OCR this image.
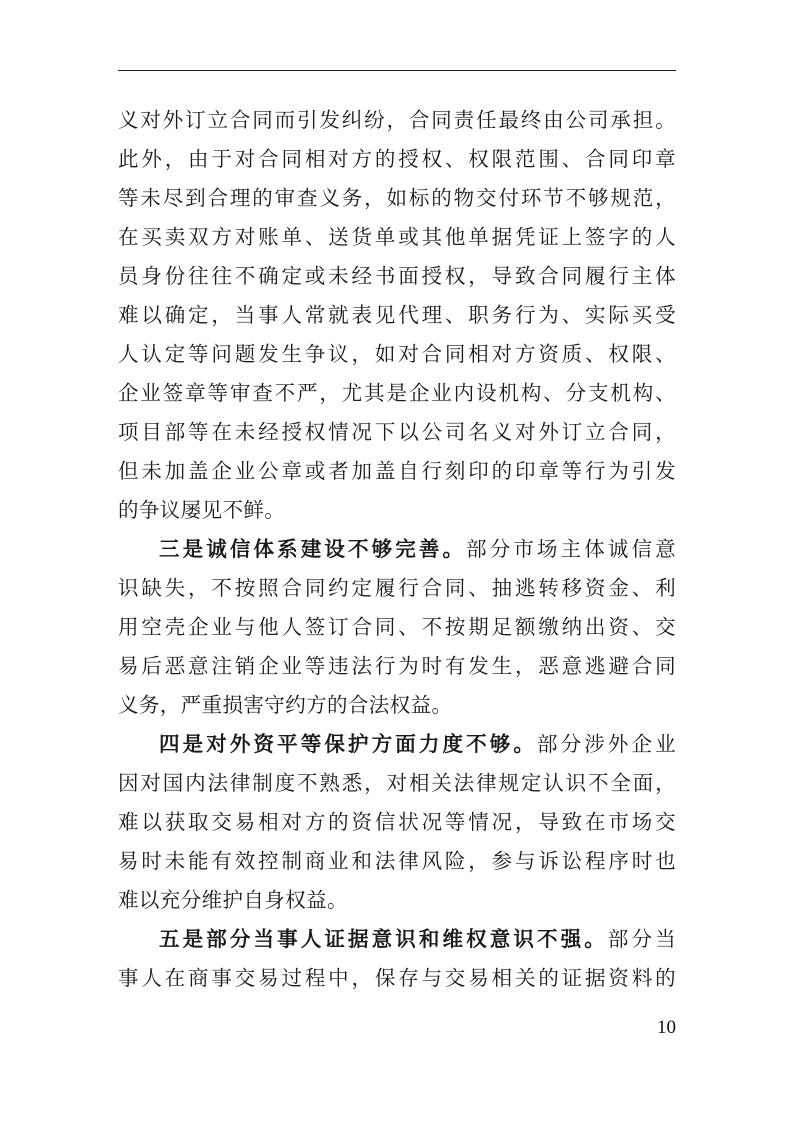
义对外订立合同而引发纠纷，合同责任最终由公司承担。

此外，由于对合同相对方的授权、权限范围、合同印章

等未尽到合理的审查义务，如标的物交付环节不够规范，

在买卖双方对账单、送货单或其他单据凭证上签字的人

员身份往往不确定或未经书面授权，导致合同履行主体

难以确定，当事人常就表见代理、职务行为、实际买受

人认定等问题发生争议，如对合同相对方资质、权限、

企业签章等审查不严，尤其是企业内设机构、分支机构、

项目部等在未经授权情况下以公司名义对外订立合同，

但未加盖企业公章或者加盖自行刻印的印章等行为引发

的争议屡见不鲜。

三是诚信体系建设不够完善。部分市场主体诚信意

识缺失，不按照合同约定履行合同、抽逃转移资金、利

用空壳企业与他人签订合同、不按期足额缴纳出资、交

易后恶意注销企业等违法行为时有发生，恶意逃避合同

义务，严重损害守约方的合法权益。

四是对外资平等保护方面力度不够。部分涉外企业

因对国内法律制度不熟悉，对相关法律规定认识不全面，

难以获取交易相对方的资信状况等情况，导致在市场交

易时未能有效控制商业和法律风险，参与诉讼程序时也

难以充分维护自身权益。

五是部分当事人证据意识和维权意识不强。部分当

事人在商事交易过程中，保存与交易相关的证据资料的

10
